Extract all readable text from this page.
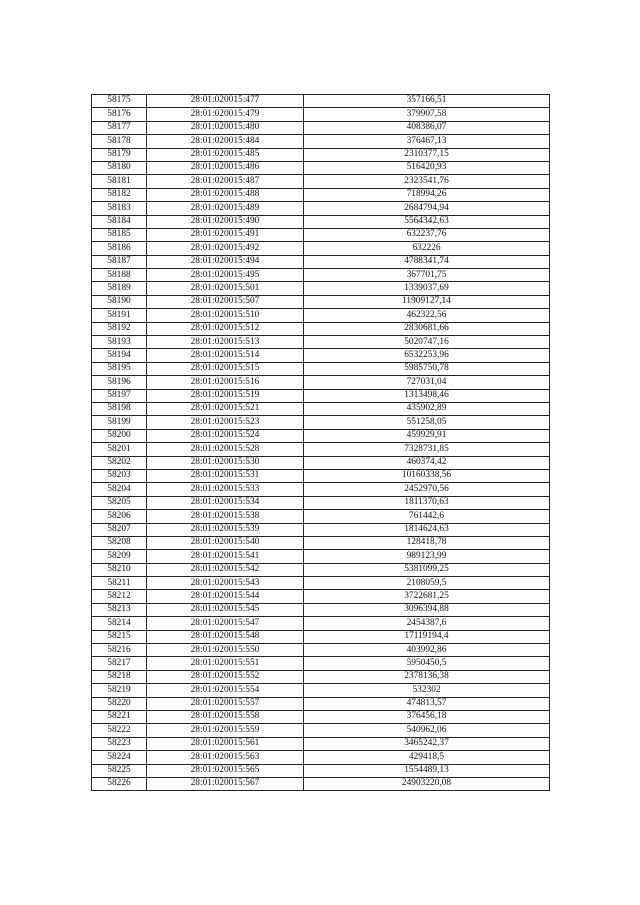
58175	28:01:020015:477	357166,51
58176	28:01:020015:479	379907,58
58177	28:01:020015:480	408386,07
58178	28:01:020015:484	376467,13
58179	28:01:020015:485	2310377,15
58180	28:01:020015:486	516420,93
58181	28:01:020015:487	2323541,76
58182	28:01:020015:488	718994,26
58183	28:01:020015:489	2684794,94
58184	28:01:020015:490	5564342,63
58185	28:01:020015:491	632237,76
58186	28:01:020015:492	632226
58187	28:01:020015:494	4788341,74
58188	28:01:020015:495	367701,75
58189	28:01:020015:501	1339037,69
58190	28:01:020015:507	11909127,14
58191	28:01:020015:510	462322,56
58192	28:01:020015:512	2830681,66
58193	28:01:020015:513	5020747,16
58194	28:01:020015:514	6532253,96
58195	28:01:020015:515	5985750,78
58196	28:01:020015:516	727031,04
58197	28:01:020015:519	1313498,46
58198	28:01:020015:521	435902,89
58199	28:01:020015:523	551258,05
58200	28:01:020015:524	459929,91
58201	28:01:020015:528	7328731,85
58202	28:01:020015:530	460374,42
58203	28:01:020015:531	10160338,56
58204	28:01:020015:533	2452970,56
58205	28:01:020015:534	1811370,63
58206	28:01:020015:538	761442,6
58207	28:01:020015:539	1814624,63
58208	28:01:020015:540	128418,78
58209	28:01:020015:541	989123,99
58210	28:01:020015:542	5381099,25
58211	28:01:020015:543	2108059,5
58212	28:01:020015:544	3722681,25
58213	28:01:020015:545	3096394,88
58214	28:01:020015:547	2454387,6
58215	28:01:020015:548	17119194,4
58216	28:01:020015:550	403992,86
58217	28:01:020015:551	5950450,5
58218	28:01:020015:552	2378136,38
58219	28:01:020015:554	532302
58220	28:01:020015:557	474813,57
58221	28:01:020015:558	376456,18
58222	28:01:020015:559	540962,06
58223	28:01:020015:561	3465242,37
58224	28:01:020015:563	429418,5
58225	28:01:020015:565	1554489,13
58226	28:01:020015:567	24903220,08
